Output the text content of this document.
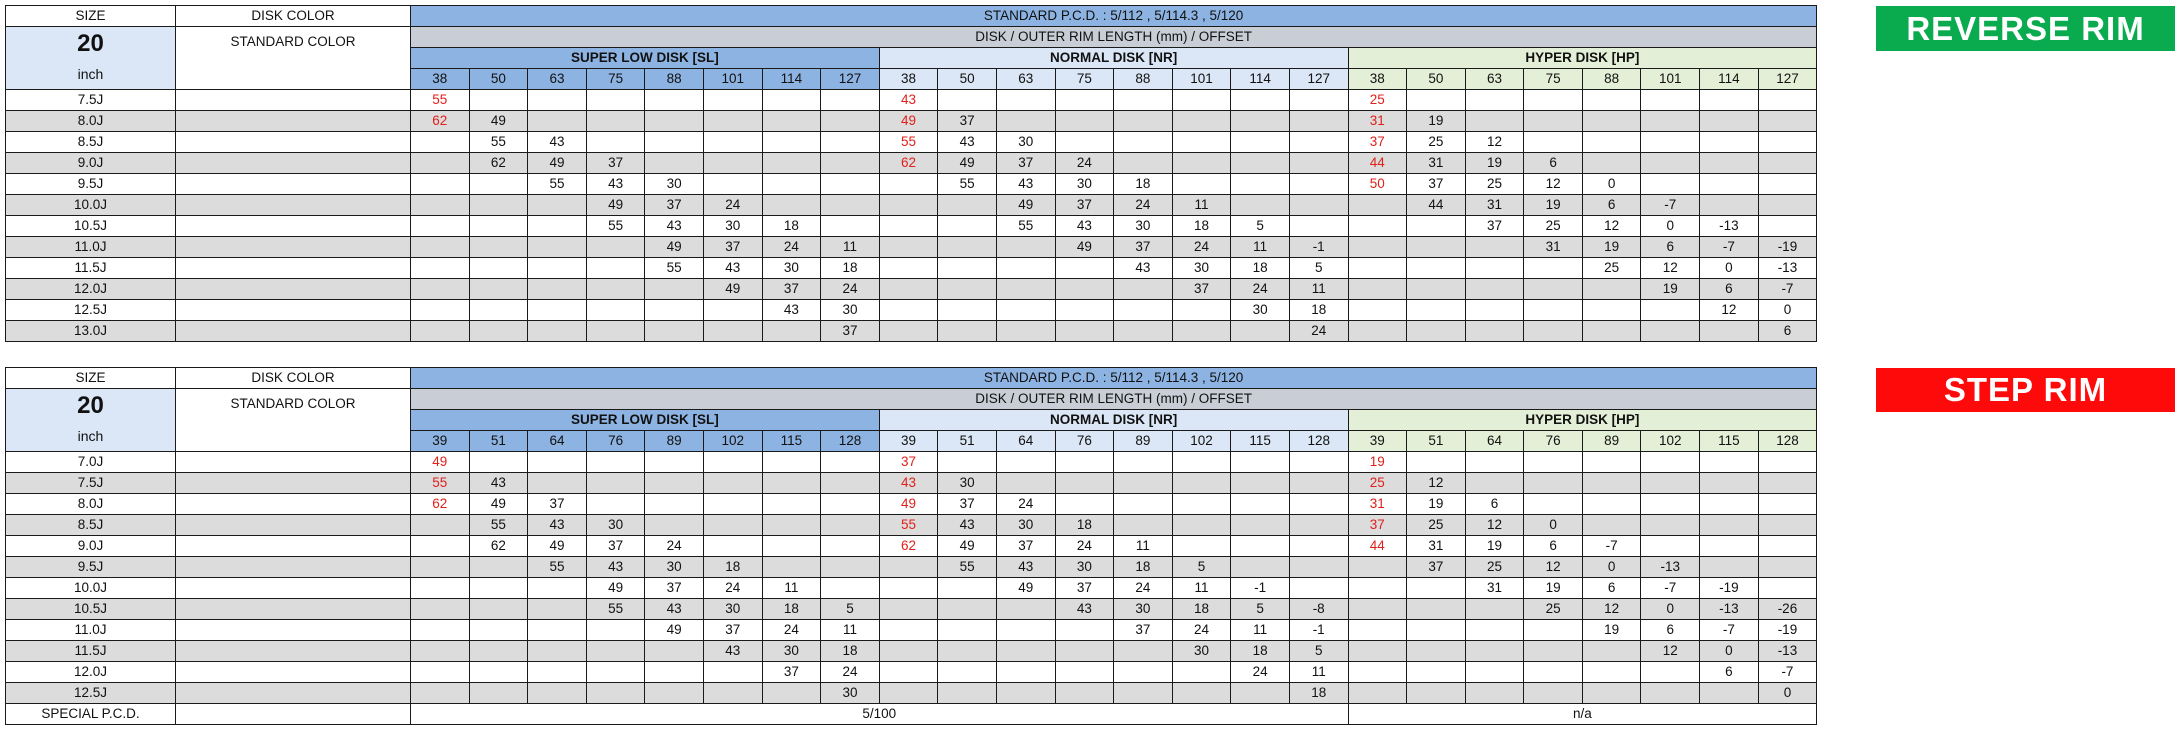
REVERSE RIM
STEP RIM
SIZE	DISK COLOR	STANDARD P.C.D. : 5/112 , 5/114.3 , 5/120																							

20
inch	STANDARD COLOR	DISK / OUTER RIM LENGTH (mm) / OFFSET																							
		SUPER LOW DISK [SL]								NORMAL DISK [NR]								HYPER DISK [HP]							
		38	50	63	75	88	101	114	127	38	50	63	75	88	101	114	127	38	50	63	75	88	101	114	127
7.5J		55								43								25							
8.0J		62	49							49	37							31	19						
8.5J			55	43						55	43	30						37	25	12					
9.0J			62	49	37					62	49	37	24					44	31	19	6				
9.5J				55	43	30					55	43	30	18				50	37	25	12	0			
10.0J					49	37	24					49	37	24	11				44	31	19	6	-7		
10.5J					55	43	30	18				55	43	30	18	5				37	25	12	0	-13	
11.0J						49	37	24	11				49	37	24	11	-1				31	19	6	-7	-19
11.5J						55	43	30	18					43	30	18	5					25	12	0	-13
12.0J							49	37	24						37	24	11						19	6	-7
12.5J								43	30							30	18							12	0
13.0J									37								24								6
SIZE	DISK COLOR	STANDARD P.C.D. : 5/112 , 5/114.3 , 5/120																							

20
inch	STANDARD COLOR	DISK / OUTER RIM LENGTH (mm) / OFFSET																							
		SUPER LOW DISK [SL]								NORMAL DISK [NR]								HYPER DISK [HP]							
		39	51	64	76	89	102	115	128	39	51	64	76	89	102	115	128	39	51	64	76	89	102	115	128
7.0J		49								37								19							
7.5J		55	43							43	30							25	12						
8.0J		62	49	37						49	37	24						31	19	6					
8.5J			55	43	30					55	43	30	18					37	25	12	0				
9.0J			62	49	37	24				62	49	37	24	11				44	31	19	6	-7			
9.5J				55	43	30	18				55	43	30	18	5				37	25	12	0	-13		
10.0J					49	37	24	11				49	37	24	11	-1				31	19	6	-7	-19	
10.5J					55	43	30	18	5				43	30	18	5	-8				25	12	0	-13	-26
11.0J						49	37	24	11					37	24	11	-1					19	6	-7	-19
11.5J							43	30	18						30	18	5						12	0	-13
12.0J								37	24							24	11							6	-7
12.5J									30								18								0
SPECIAL P.C.D.		5/100																n/a							
